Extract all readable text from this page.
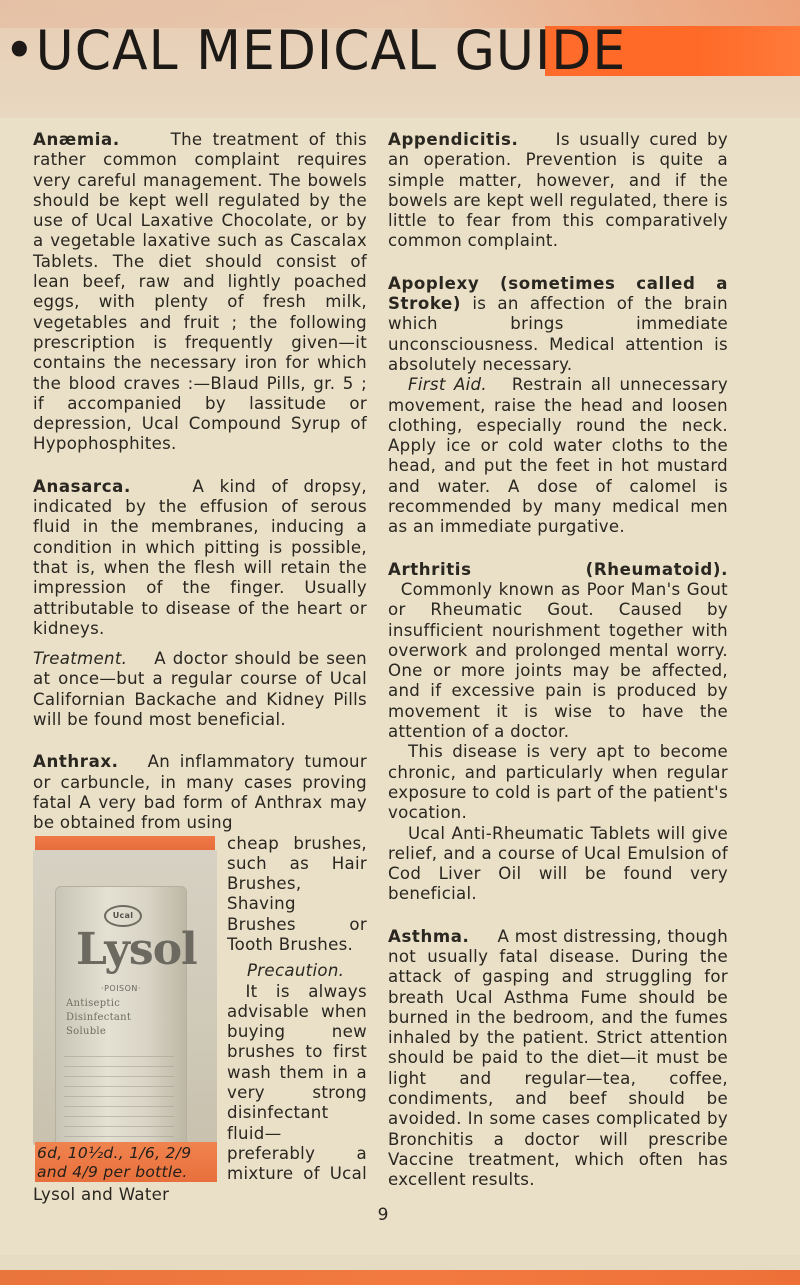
•UCAL MEDICAL GUIDE

Anæmia.	The treatment of this rather common complaint requires very careful management. The bowels should be kept well regulated by the use of Ucal Laxative Chocolate, or by a vegetable laxative such as Cascalax Tablets. The diet should consist of lean beef, raw and lightly poached eggs, with plenty of fresh milk, vegetables and fruit ; the following prescription is frequently given—it contains the necessary iron for which the blood craves :—Blaud Pills, gr. 5 ; if accompanied by lassitude or depression, Ucal Compound Syrup of Hypophosphites.

Anasarca.	A kind of dropsy, indicated by the effusion of serous fluid in the membranes, inducing a condition in which pitting is possible, that is, when the flesh will retain the impression of the finger. Usually attributable to disease of the heart or kidneys.

Treatment. A doctor should be seen at once—but a regular course of Ucal Californian Backache and Kidney Pills will be found most beneficial.

Anthrax. An inflammatory tumour or carbuncle, in many cases proving fatal A very bad form of Anthrax may be obtained from using

Ucal
Lysol
·POISON·
Antiseptic
Disinfectant
Soluble
6d, 10½d., 1/6, 2/9
and 4/9 per bottle.

cheap brushes, such as Hair Brushes, Shaving Brushes or Tooth Brushes.

Precaution.  It is always advisable when buying new brushes to first wash them in a very strong disinfectant fluid—preferably a mixture of Ucal Lysol and Water

Appendicitis. Is usually cured by an operation. Prevention is quite a simple matter, however, and if the bowels are kept well regulated, there is little to fear from this comparatively common complaint.

Apoplexy (sometimes called a Stroke) is an affection of the brain which brings immediate unconsciousness. Medical attention is absolutely necessary.

First Aid. Restrain all unnecessary movement, raise the head and loosen clothing, especially round the neck. Apply ice or cold water cloths to the head, and put the feet in hot mustard and water. A dose of calomel is recommended by many medical men as an immediate purgative.

Arthritis (Rheumatoid).   Commonly known as Poor Man's Gout or Rheumatic Gout. Caused by insufficient nourishment together with overwork and prolonged mental worry. One or more joints may be affected, and if excessive pain is produced by movement it is wise to have the attention of a doctor.

This disease is very apt to become chronic, and particularly when regular exposure to cold is part of the patient's vocation.

Ucal Anti-Rheumatic Tablets will give relief, and a course of Ucal Emulsion of Cod Liver Oil will be found very beneficial.

Asthma. A most distressing, though not usually fatal disease. During the attack of gasping and struggling for breath Ucal Asthma Fume should be burned in the bedroom, and the fumes inhaled by the patient. Strict attention should be paid to the diet—it must be light and regular—tea, coffee, condiments, and beef should be avoided. In some cases complicated by Bronchitis a doctor will prescribe Vaccine treatment, which often has excellent results.

9
